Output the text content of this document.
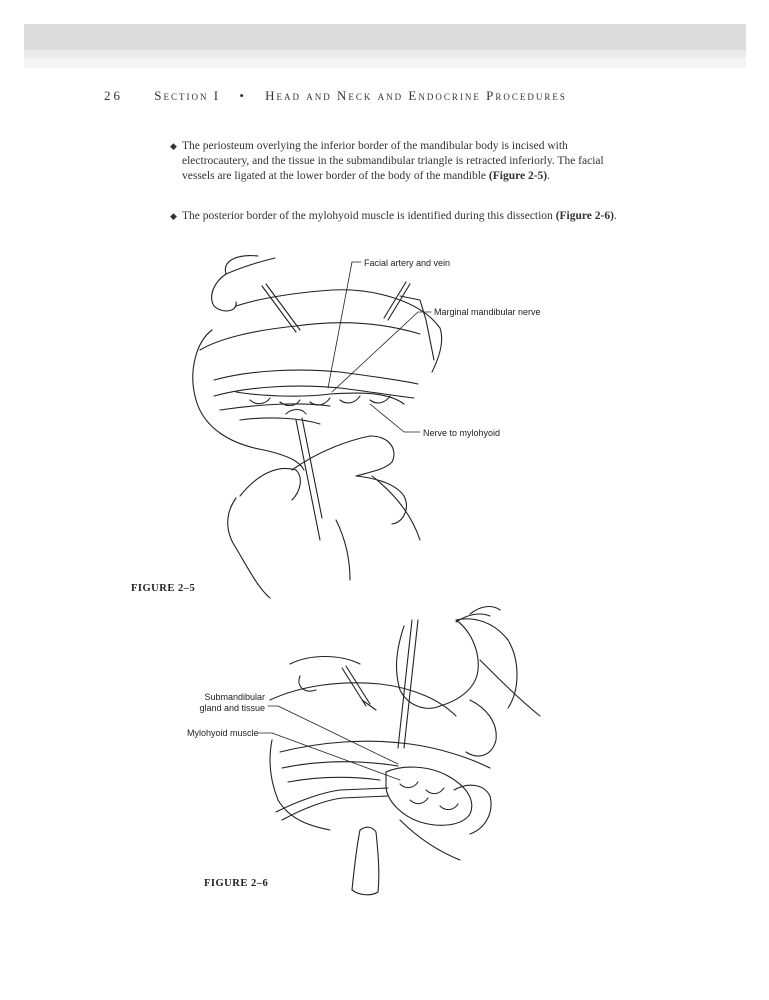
26 Section I • Head and Neck and Endocrine Procedures
◆ The periosteum overlying the inferior border of the mandibular body is incised with electrocautery, and the tissue in the submandibular triangle is retracted inferiorly. The facial vessels are ligated at the lower border of the body of the mandible (Figure 2-5).
◆ The posterior border of the mylohyoid muscle is identified during this dissection (Figure 2-6).
Facial artery and vein
Marginal mandibular nerve
Nerve to mylohyoid
Submandibular gland and tissue
Mylohyoid muscle
FIGURE 2–5
FIGURE 2–6
